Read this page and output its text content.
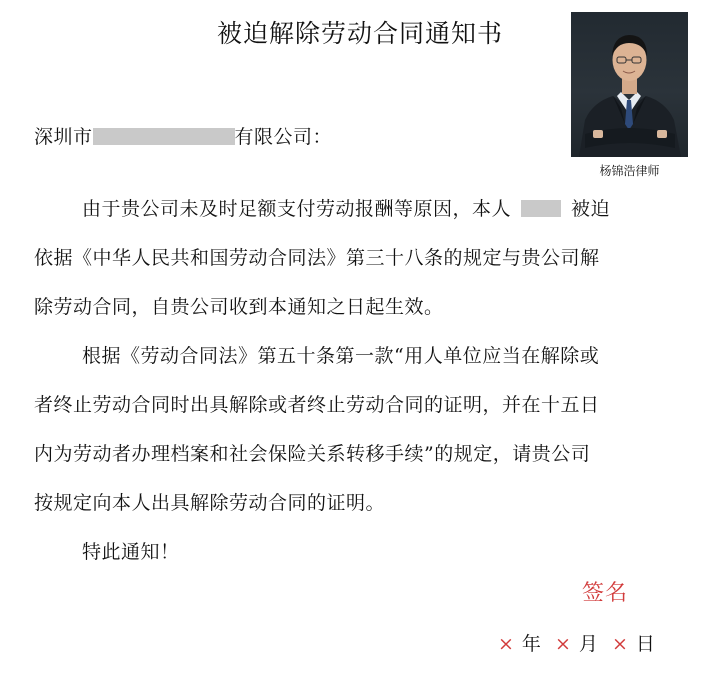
被迫解除劳动合同通知书
杨锦浩律师
深圳市	有限公司：
由于贵公司未及时足额支付劳动报酬等原因，本人	被迫
依据《中华人民共和国劳动合同法》第三十八条的规定与贵公司解
除劳动合同，自贵公司收到本通知之日起生效。
根据《劳动合同法》第五十条第一款“用人单位应当在解除或
者终止劳动合同时出具解除或者终止劳动合同的证明，并在十五日
内为劳动者办理档案和社会保险关系转移手续”的规定，请贵公司
按规定向本人出具解除劳动合同的证明。
特此通知！
签名
× 年 × 月 × 日
